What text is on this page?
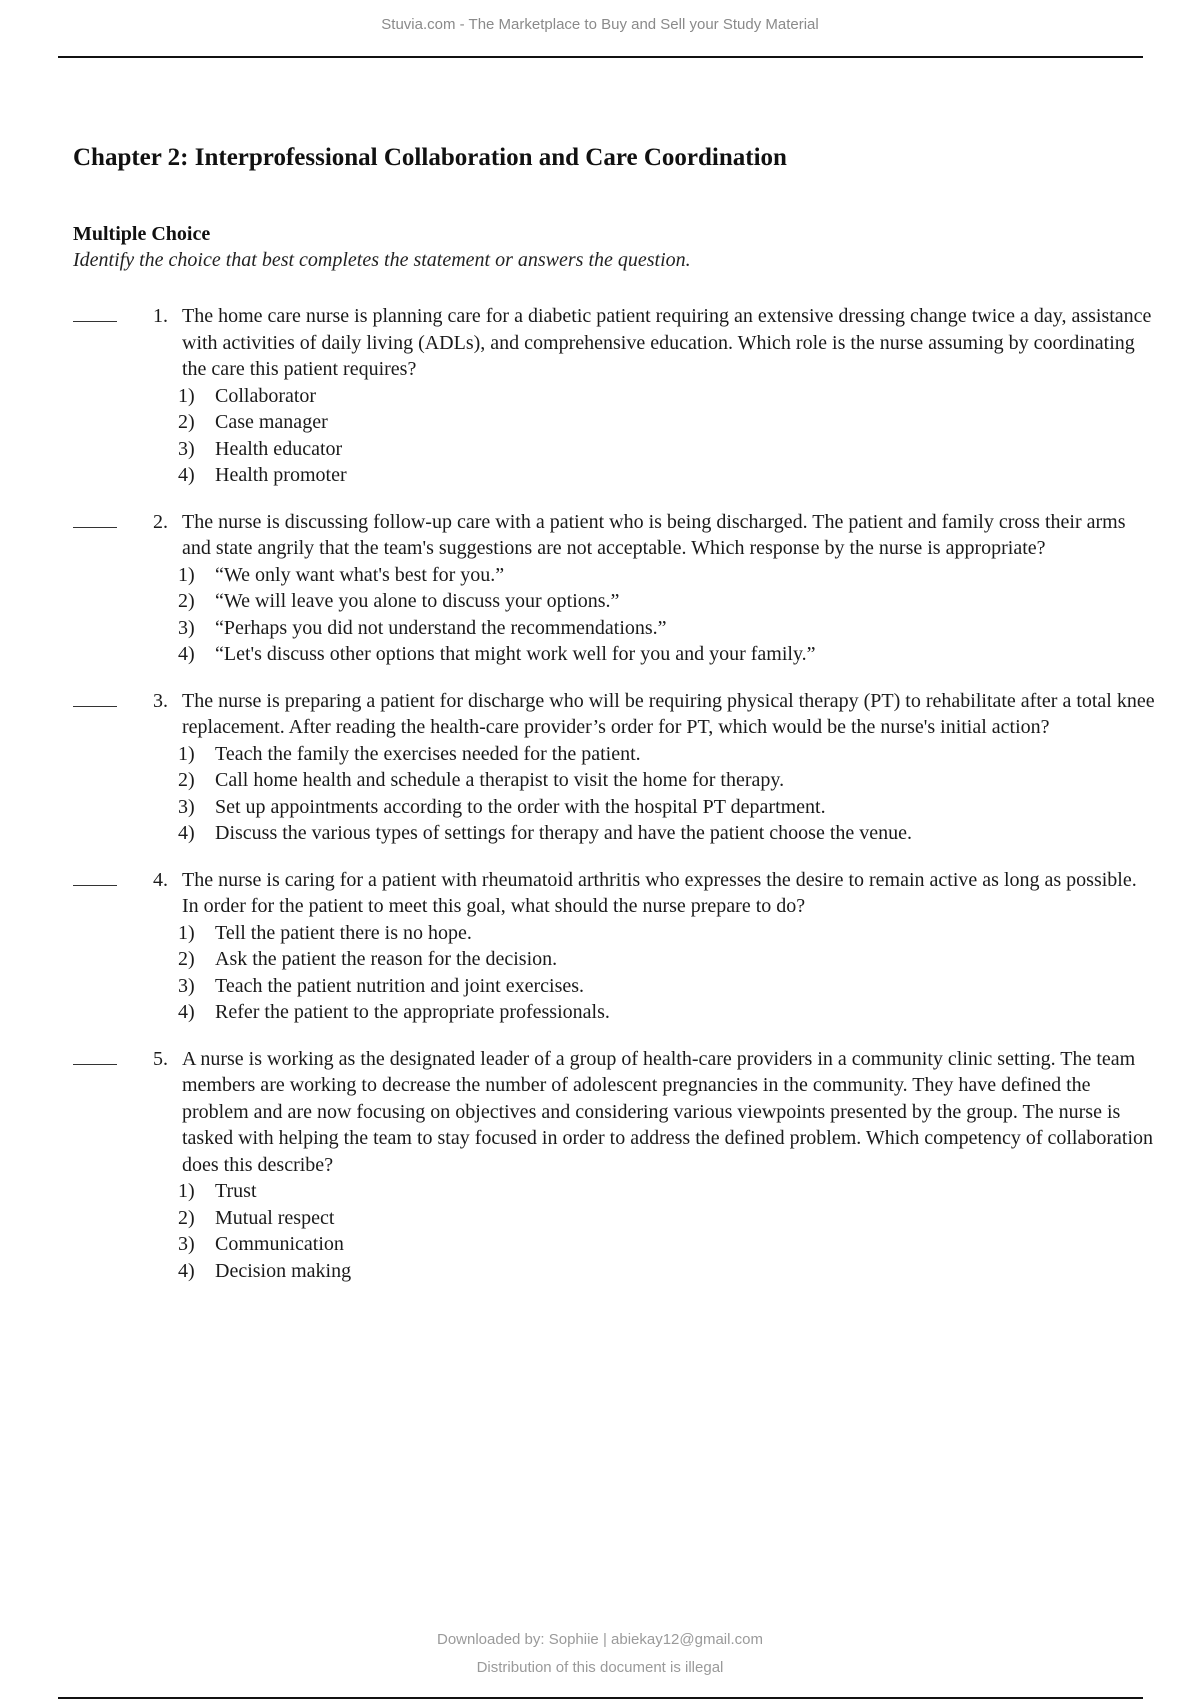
Stuvia.com - The Marketplace to Buy and Sell your Study Material
Chapter 2: Interprofessional Collaboration and Care Coordination
Multiple Choice

Identify the choice that best completes the statement or answers the question.

1. The home care nurse is planning care for a diabetic patient requiring an extensive dressing change twice a day, assistance with activities of daily living (ADLs), and comprehensive education. Which role is the nurse assuming by coordinating the care this patient requires?
1)	Collaborator
2)	Case manager
3)	Health educator
4)	Health promoter
2. The nurse is discussing follow-up care with a patient who is being discharged. The patient and family cross their arms and state angrily that the team's suggestions are not acceptable. Which response by the nurse is appropriate?
1)	“We only want what's best for you.”
2)	“We will leave you alone to discuss your options.”
3)	“Perhaps you did not understand the recommendations.”
4)	“Let's discuss other options that might work well for you and your family.”
3. The nurse is preparing a patient for discharge who will be requiring physical therapy (PT) to rehabilitate after a total knee replacement. After reading the health-care provider’s order for PT, which would be the nurse's initial action?
1)	Teach the family the exercises needed for the patient.
2)	Call home health and schedule a therapist to visit the home for therapy.
3)	Set up appointments according to the order with the hospital PT department.
4)	Discuss the various types of settings for therapy and have the patient choose the venue.
4. The nurse is caring for a patient with rheumatoid arthritis who expresses the desire to remain active as long as possible. In order for the patient to meet this goal, what should the nurse prepare to do?
1)	Tell the patient there is no hope.
2)	Ask the patient the reason for the decision.
3)	Teach the patient nutrition and joint exercises.
4)	Refer the patient to the appropriate professionals.
5. A nurse is working as the designated leader of a group of health-care providers in a community clinic setting. The team members are working to decrease the number of adolescent pregnancies in the community. They have defined the problem and are now focusing on objectives and considering various viewpoints presented by the group. The nurse is tasked with helping the team to stay focused in order to address the defined problem. Which competency of collaboration does this describe?
1)	Trust
2)	Mutual respect
3)	Communication
4)	Decision making
Downloaded by: Sophiie | abiekay12@gmail.com
Distribution of this document is illegal
